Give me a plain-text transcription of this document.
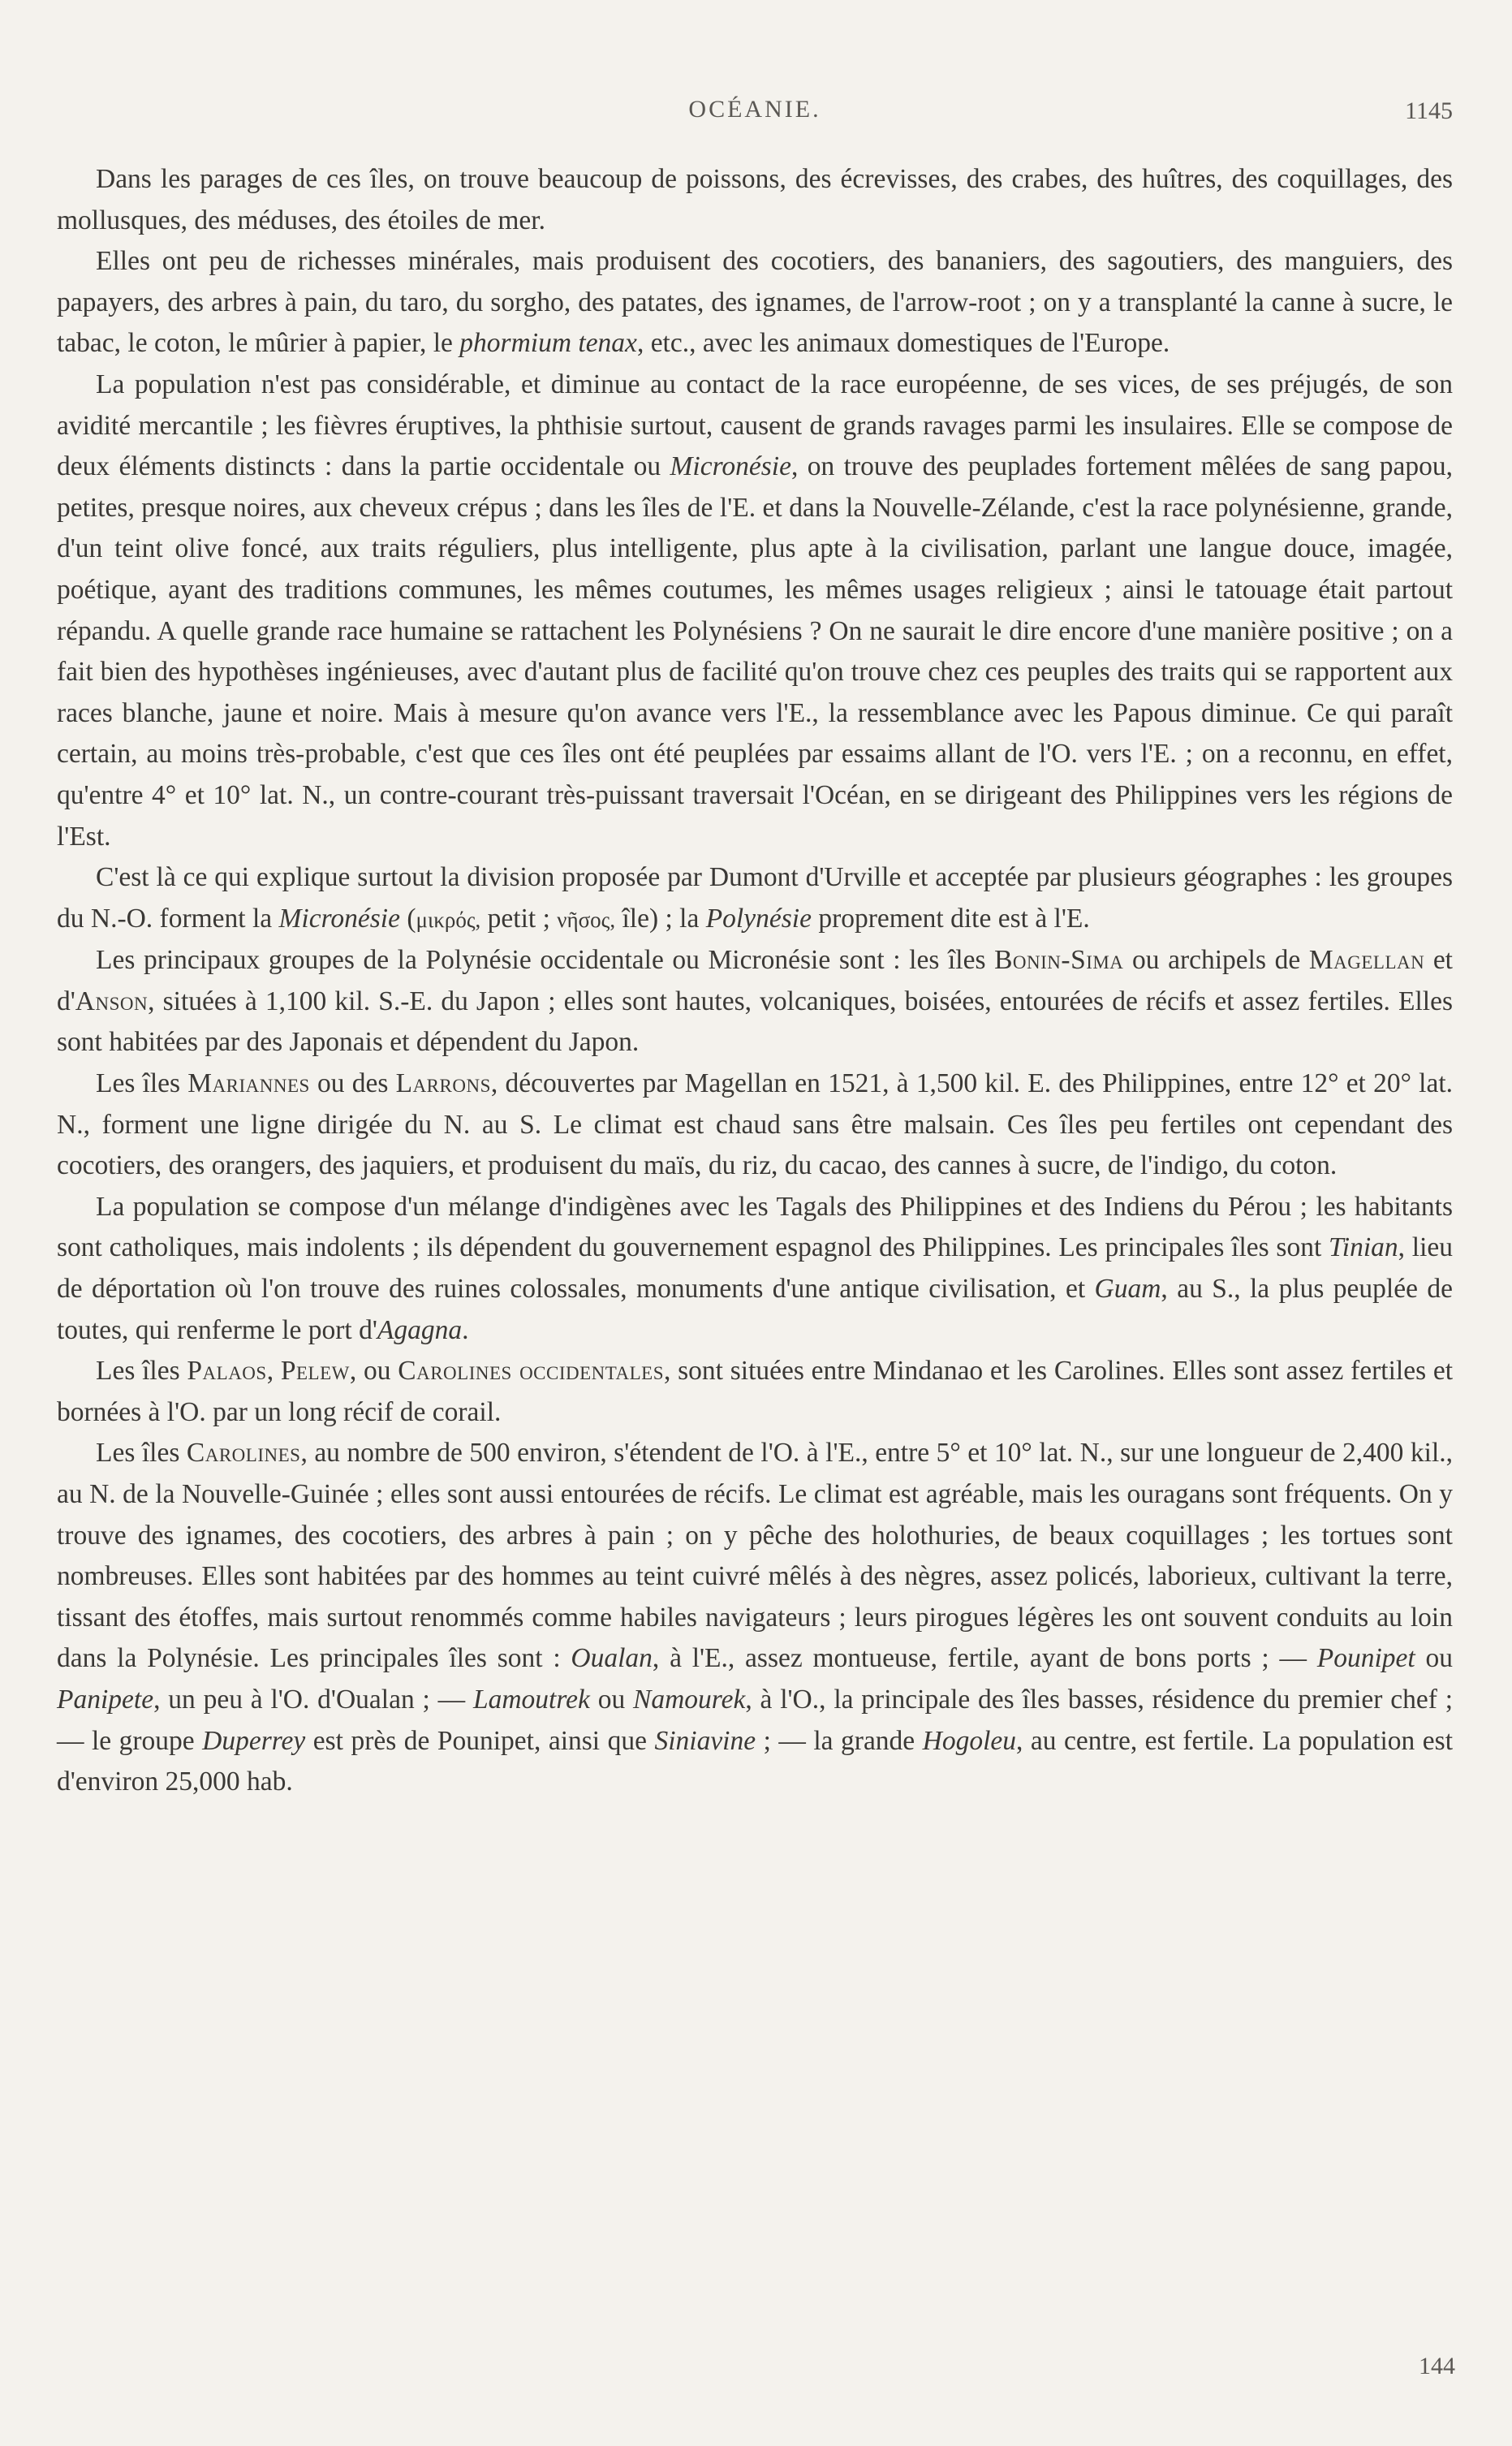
OCÉANIE.	1145

Dans les parages de ces îles, on trouve beaucoup de poissons, des écrevisses, des crabes, des huîtres, des coquillages, des mollusques, des méduses, des étoiles de mer.

Elles ont peu de richesses minérales, mais produisent des cocotiers, des bananiers, des sagoutiers, des manguiers, des papayers, des arbres à pain, du taro, du sorgho, des patates, des ignames, de l'arrow-root ; on y a transplanté la canne à sucre, le tabac, le coton, le mûrier à papier, le phormium tenax, etc., avec les animaux domestiques de l'Europe.

La population n'est pas considérable, et diminue au contact de la race européenne, de ses vices, de ses préjugés, de son avidité mercantile ; les fièvres éruptives, la phthisie surtout, causent de grands ravages parmi les insulaires. Elle se compose de deux éléments distincts : dans la partie occidentale ou Micronésie, on trouve des peuplades fortement mêlées de sang papou, petites, presque noires, aux cheveux crépus ; dans les îles de l'E. et dans la Nouvelle-Zélande, c'est la race polynésienne, grande, d'un teint olive foncé, aux traits réguliers, plus intelligente, plus apte à la civilisation, parlant une langue douce, imagée, poétique, ayant des traditions communes, les mêmes coutumes, les mêmes usages religieux ; ainsi le tatouage était partout répandu. A quelle grande race humaine se rattachent les Polynésiens ? On ne saurait le dire encore d'une manière positive ; on a fait bien des hypothèses ingénieuses, avec d'autant plus de facilité qu'on trouve chez ces peuples des traits qui se rapportent aux races blanche, jaune et noire. Mais à mesure qu'on avance vers l'E., la ressemblance avec les Papous diminue. Ce qui paraît certain, au moins très-probable, c'est que ces îles ont été peuplées par essaims allant de l'O. vers l'E. ; on a reconnu, en effet, qu'entre 4° et 10° lat. N., un contre-courant très-puissant traversait l'Océan, en se dirigeant des Philippines vers les régions de l'Est.

C'est là ce qui explique surtout la division proposée par Dumont d'Urville et acceptée par plusieurs géographes : les groupes du N.-O. forment la Micronésie (μικρός, petit ; νῆσος, île) ; la Polynésie proprement dite est à l'E.

Les principaux groupes de la Polynésie occidentale ou Micronésie sont : les îles Bonin-Sima ou archipels de Magellan et d'Anson, situées à 1,100 kil. S.-E. du Japon ; elles sont hautes, volcaniques, boisées, entourées de récifs et assez fertiles. Elles sont habitées par des Japonais et dépendent du Japon.

Les îles Mariannes ou des Larrons, découvertes par Magellan en 1521, à 1,500 kil. E. des Philippines, entre 12° et 20° lat. N., forment une ligne dirigée du N. au S. Le climat est chaud sans être malsain. Ces îles peu fertiles ont cependant des cocotiers, des orangers, des jaquiers, et produisent du maïs, du riz, du cacao, des cannes à sucre, de l'indigo, du coton.

La population se compose d'un mélange d'indigènes avec les Tagals des Philippines et des Indiens du Pérou ; les habitants sont catholiques, mais indolents ; ils dépendent du gouvernement espagnol des Philippines. Les principales îles sont Tinian, lieu de déportation où l'on trouve des ruines colossales, monuments d'une antique civilisation, et Guam, au S., la plus peuplée de toutes, qui renferme le port d'Agagna.

Les îles Palaos, Pelew, ou Carolines occidentales, sont situées entre Mindanao et les Carolines. Elles sont assez fertiles et bornées à l'O. par un long récif de corail.

Les îles Carolines, au nombre de 500 environ, s'étendent de l'O. à l'E., entre 5° et 10° lat. N., sur une longueur de 2,400 kil., au N. de la Nouvelle-Guinée ; elles sont aussi entourées de récifs. Le climat est agréable, mais les ouragans sont fréquents. On y trouve des ignames, des cocotiers, des arbres à pain ; on y pêche des holothuries, de beaux coquillages ; les tortues sont nombreuses. Elles sont habitées par des hommes au teint cuivré mêlés à des nègres, assez policés, laborieux, cultivant la terre, tissant des étoffes, mais surtout renommés comme habiles navigateurs ; leurs pirogues légères les ont souvent conduits au loin dans la Polynésie. Les principales îles sont : Oualan, à l'E., assez montueuse, fertile, ayant de bons ports ; — Pounipet ou Panipete, un peu à l'O. d'Oualan ; — Lamoutrek ou Namourek, à l'O., la principale des îles basses, résidence du premier chef ; — le groupe Duperrey est près de Pounipet, ainsi que Siniavine ; — la grande Hogoleu, au centre, est fertile. La population est d'environ 25,000 hab.

144
